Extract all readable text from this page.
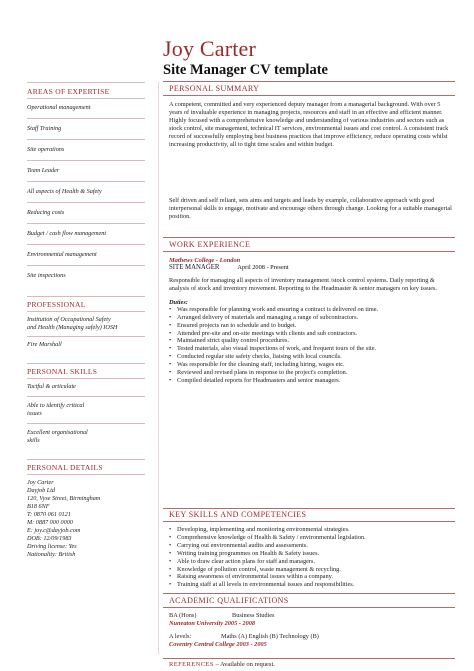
Joy Carter
Site Manager CV template
AREAS OF EXPERTISE
Operational management
Staff Training
Site operations
Team Leader
All aspects of Health & Safety
Reducing costs
Budget / cash flow management
Environmental management
Site inspections
PROFESSIONAL
Institution of Occupational Safety and Health (Managing safely) IOSH
Fire Marshall
PERSONAL SKILLS
Tactful & articulate
Able to identify critical issues
Excellent organisational skills
PERSONAL DETAILS
Joy Carter
Dayjob Ltd
120, Vyse Street, Birmingham
B18 6NF
T: 0870 061 0121
M: 0887 000 0000
E: joy.c@dayjob.com
DOB: 12/09/1983
Driving license: Yes
Nationality: British
PERSONAL SUMMARY
A competent, committed and very experienced deputy manager from a managerial background. With over 5 years of invaluable experience in managing projects, resources and staff in an effective and efficient manner. Highly focused with a comprehensive knowledge and understanding of various industries and sectors such as stock control, site management, technical IT services, environmental issues and cost control. A consistent track record of successfully employing best business practices that improve efficiency, reduce operating costs whilst increasing productivity, all to tight time scales and within budget.
Self driven and self reliant, sets aims and targets and leads by example, collaborative approach with good interpersonal skills to engage, motivate and encourage others through change. Looking for a suitable managerial position.
WORK EXPERIENCE
Mathews College - London
SITE MANAGER	April 2008 - Present
Responsible for managing all aspects of inventory management /stock control systems. Daily reporting & analysis of stock and inventory movement. Reporting to the Headmaster & senior managers on key issues.
Duties:
• Was responsible for planning work and ensuring a contract is delivered on time.
• Arranged delivery of materials and managing a range of subcontractors.
• Ensured projects ran to schedule and to budget.
• Attended pre-site and on-site meetings with clients and sub contractors.
• Maintained strict quality control procedures.
• Tested materials, also visual inspections of work, and frequent tours of the site.
• Conducted regular site safety checks, liaising with local councils.
• Was responsible for the cleaning staff, including hiring, wages etc.
• Reviewed and revised plans in response to the project's completion.
• Compiled detailed reports for Headmasters and senior managers.
KEY SKILLS AND COMPETENCIES
• Developing, implementing and monitoring environmental strategies.
• Comprehensive knowledge of Health & Safety / environmental legislation.
• Carrying out environmental audits and assessments.
• Writing training programmes on Health & Safety issues.
• Able to draw clear action plans for staff and managers.
• Knowledge of pollution control, waste management & recycling.
• Raising awareness of environmental issues within a company.
• Training staff at all levels in environmental issues and responsibilities.
ACADEMIC QUALIFICATIONS
BA (Hons)	Business Studies
Nuneaton University 2005 - 2008
A levels:	Maths (A) English (B) Technology (B)
Coventry Central College 2003 - 2005
REFERENCES – Available on request.
